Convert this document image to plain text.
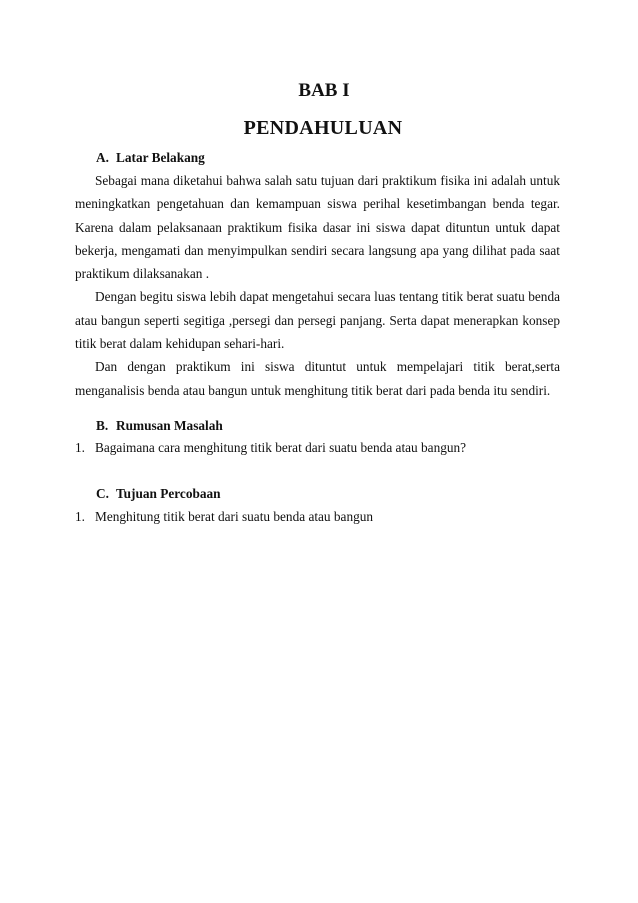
BAB I
PENDAHULUAN
A. Latar Belakang

Sebagai mana diketahui bahwa salah satu tujuan dari praktikum fisika ini adalah untuk meningkatkan pengetahuan dan kemampuan siswa perihal kesetimbangan benda tegar. Karena dalam pelaksanaan praktikum fisika dasar ini siswa dapat dituntun untuk dapat bekerja, mengamati dan menyimpulkan sendiri secara langsung apa yang dilihat pada saat praktikum dilaksanakan .

Dengan begitu siswa lebih dapat mengetahui secara luas tentang titik berat suatu benda atau bangun seperti segitiga ,persegi dan persegi panjang. Serta dapat menerapkan konsep titik berat dalam kehidupan sehari-hari.

Dan dengan praktikum ini siswa dituntut untuk mempelajari titik berat,serta menganalisis benda atau bangun untuk menghitung titik berat dari pada benda itu sendiri.

B. Rumusan Masalah

1. Bagaimana cara menghitung titik berat dari suatu benda atau bangun?

C. Tujuan Percobaan

1. Menghitung titik berat dari suatu benda atau bangun
